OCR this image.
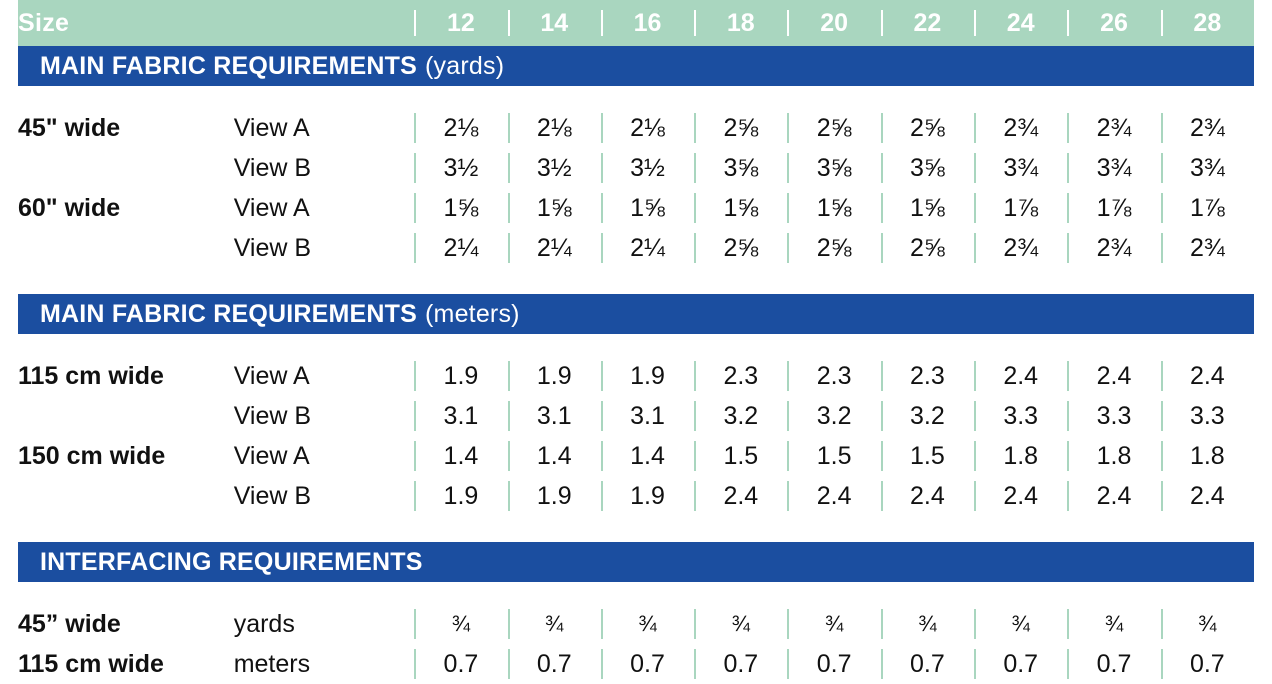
Size		12	14	16	18	20	22	24	26	28

MAIN FABRIC REQUIREMENTS (yards)										

45" wide	View A	2⅛	2⅛	2⅛	2⅝	2⅝	2⅝	2¾	2¾	2¾
	View B	3½	3½	3½	3⅝	3⅝	3⅝	3¾	3¾	3¾
60" wide	View A	1⅝	1⅝	1⅝	1⅝	1⅝	1⅝	1⅞	1⅞	1⅞
	View B	2¼	2¼	2¼	2⅝	2⅝	2⅝	2¾	2¾	2¾

MAIN FABRIC REQUIREMENTS (meters)										

115 cm wide	View A	1.9	1.9	1.9	2.3	2.3	2.3	2.4	2.4	2.4
	View B	3.1	3.1	3.1	3.2	3.2	3.2	3.3	3.3	3.3
150 cm wide	View A	1.4	1.4	1.4	1.5	1.5	1.5	1.8	1.8	1.8
	View B	1.9	1.9	1.9	2.4	2.4	2.4	2.4	2.4	2.4

INTERFACING REQUIREMENTS										

45” wide	yards	¾	¾	¾	¾	¾	¾	¾	¾	¾
115 cm wide	meters	0.7	0.7	0.7	0.7	0.7	0.7	0.7	0.7	0.7
